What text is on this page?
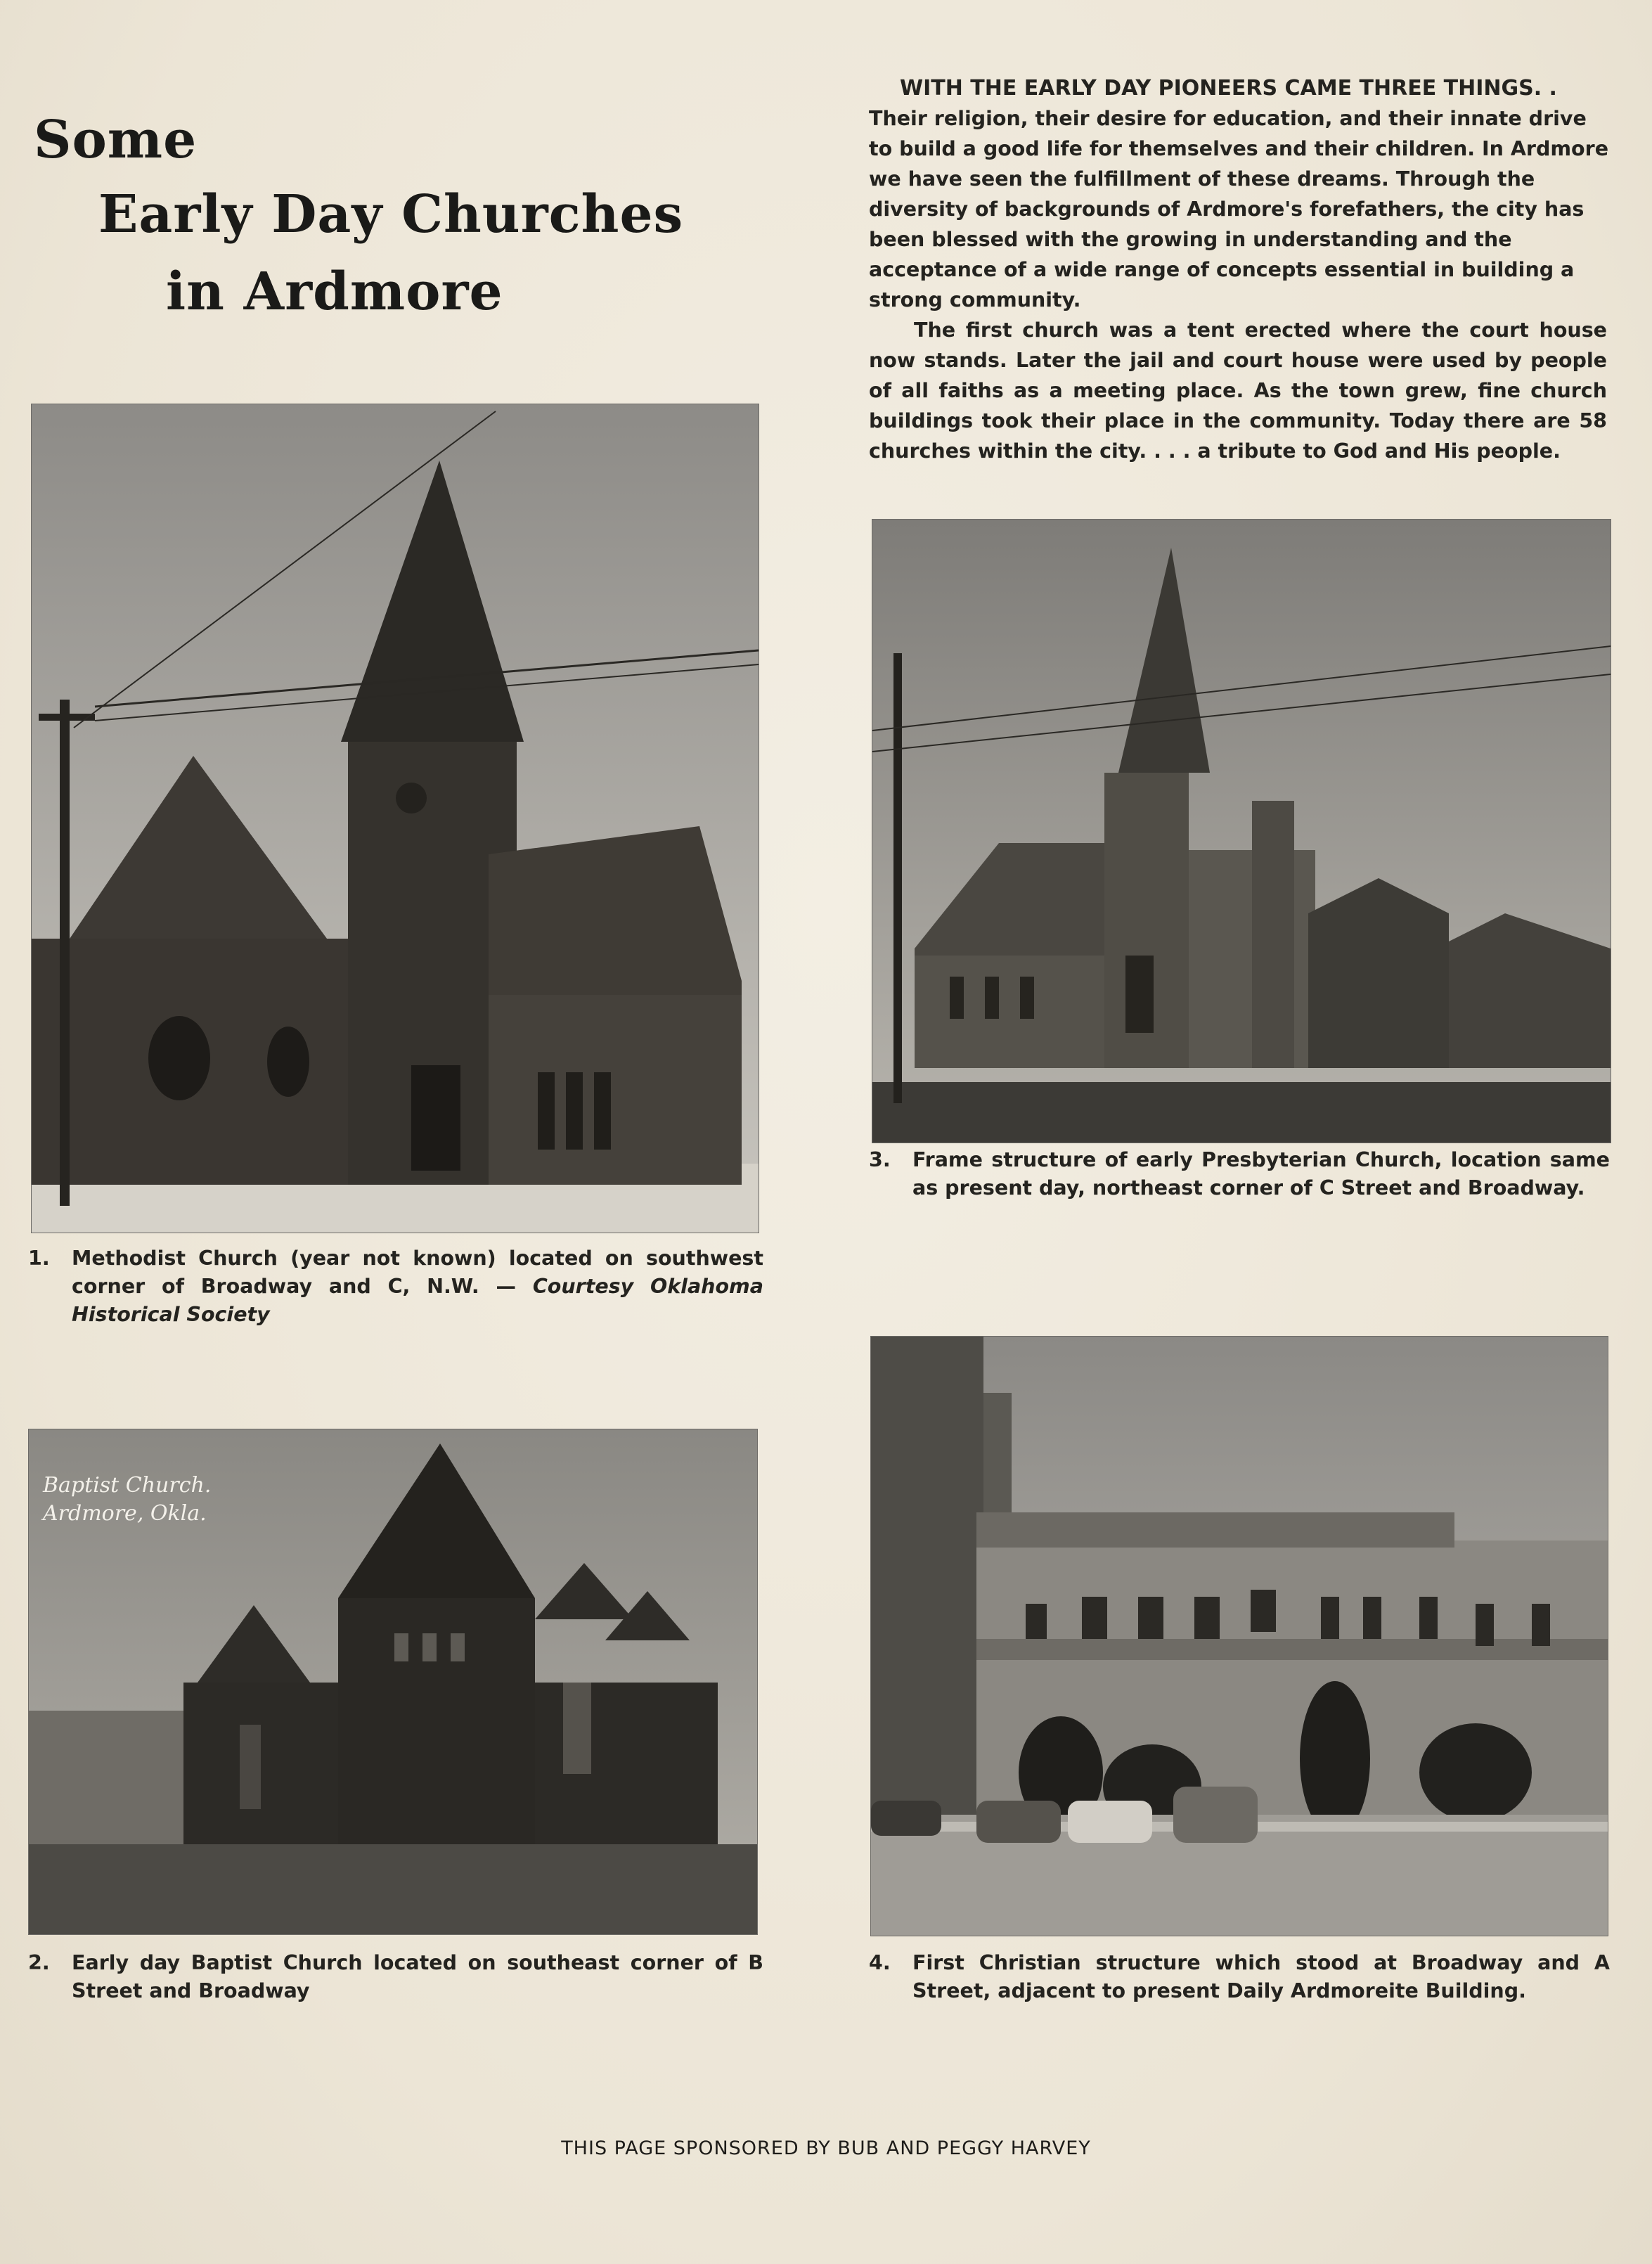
Some
Early Day Churches
in Ardmore

WITH THE EARLY DAY PIONEERS CAME THREE THINGS. .

Their religion, their desire for education, and their innate drive to build a good life for themselves and their children. In Ardmore we have seen the fulfillment of these dreams. Through the diversity of backgrounds of Ardmore's forefathers, the city has been blessed with the growing in understanding and the acceptance of a wide range of concepts essential in building a strong community.

The first church was a tent erected where the court house now stands. Later the jail and court house were used by people of all faiths as a meeting place. As the town grew, fine church buildings took their place in the community. Today there are 58 churches within the city. . . . a tribute to God and His people.

Baptist Church.
Ardmore, Okla.
1. Methodist Church (year not known) located on southwest corner of Broadway and C, N.W. — Courtesy Oklahoma Historical Society
3. Frame structure of early Presbyterian Church, location same as present day, northeast corner of C Street and Broadway.
2. Early day Baptist Church located on southeast corner of B Street and Broadway
4. First Christian structure which stood at Broadway and A Street, adjacent to present Daily Ardmoreite Building.
THIS PAGE SPONSORED BY BUB AND PEGGY HARVEY
